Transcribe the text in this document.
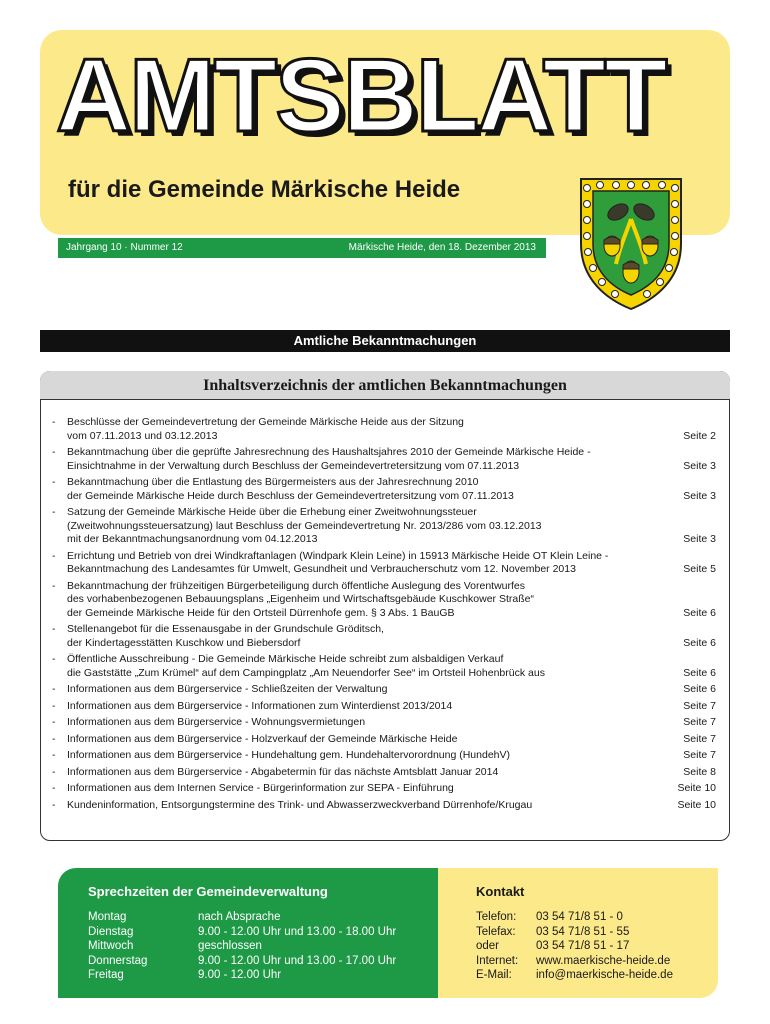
AMTSBLATT
für die Gemeinde Märkische Heide
Jahrgang 10 · Nummer 12	Märkische Heide, den 18. Dezember 2013
Amtliche Bekanntmachungen
Inhaltsverzeichnis der amtlichen Bekanntmachungen
- Beschlüsse der Gemeindevertretung der Gemeinde Märkische Heide aus der Sitzung
vom 07.11.2013 und 03.12.2013	Seite 2
- Bekanntmachung über die geprüfte Jahresrechnung des Haushaltsjahres 2010 der Gemeinde Märkische Heide -
Einsichtnahme in der Verwaltung durch Beschluss der Gemeindevertretersitzung vom 07.11.2013	Seite 3
- Bekanntmachung über die Entlastung des Bürgermeisters aus der Jahresrechnung 2010
der Gemeinde Märkische Heide durch Beschluss der Gemeindevertretersitzung vom 07.11.2013	Seite 3
- Satzung der Gemeinde Märkische Heide über die Erhebung einer Zweitwohnungssteuer
(Zweitwohnungssteuersatzung) laut Beschluss der Gemeindevertretung Nr. 2013/286 vom 03.12.2013
mit der Bekanntmachungsanordnung vom 04.12.2013	Seite 3
- Errichtung und Betrieb von drei Windkraftanlagen (Windpark Klein Leine) in 15913 Märkische Heide OT Klein Leine -
Bekanntmachung des Landesamtes für Umwelt, Gesundheit und Verbraucherschutz vom 12. November 2013	Seite 5
- Bekanntmachung der frühzeitigen Bürgerbeteiligung durch öffentliche Auslegung des Vorentwurfes
des vorhabenbezogenen Bebauungsplans „Eigenheim und Wirtschaftsgebäude Kuschkower Straße“
der Gemeinde Märkische Heide für den Ortsteil Dürrenhofe gem. § 3 Abs. 1 BauGB	Seite 6
- Stellenangebot für die Essenausgabe in der Grundschule Gröditsch,
der Kindertagesstätten Kuschkow und Biebersdorf	Seite 6
- Öffentliche Ausschreibung - Die Gemeinde Märkische Heide schreibt zum alsbaldigen Verkauf
die Gaststätte „Zum Krümel“ auf dem Campingplatz „Am Neuendorfer See“ im Ortsteil Hohenbrück aus	Seite 6
- Informationen aus dem Bürgerservice - Schließzeiten der Verwaltung	Seite 6
- Informationen aus dem Bürgerservice - Informationen zum Winterdienst 2013/2014	Seite 7
- Informationen aus dem Bürgerservice - Wohnungsvermietungen	Seite 7
- Informationen aus dem Bürgerservice - Holzverkauf der Gemeinde Märkische Heide	Seite 7
- Informationen aus dem Bürgerservice - Hundehaltung gem. Hundehaltervorordnung (HundehV)	Seite 7
- Informationen aus dem Bürgerservice - Abgabetermin für das nächste Amtsblatt Januar 2014	Seite 8
- Informationen aus dem Internen Service - Bürgerinformation zur SEPA - Einführung	Seite 10
- Kundeninformation, Entsorgungstermine des Trink- und Abwasserzweckverband Dürrenhofe/Krugau	Seite 10
Sprechzeiten der Gemeindeverwaltung
Montag	nach Absprache
Dienstag	9.00 - 12.00 Uhr und 13.00 - 18.00 Uhr
Mittwoch	geschlossen
Donnerstag	9.00 - 12.00 Uhr und 13.00 - 17.00 Uhr
Freitag	9.00 - 12.00 Uhr
Kontakt
Telefon:	03 54 71/8 51 - 0
Telefax:	03 54 71/8 51 - 55
oder	03 54 71/8 51 - 17
Internet:	www.maerkische-heide.de
E-Mail:	info@maerkische-heide.de
